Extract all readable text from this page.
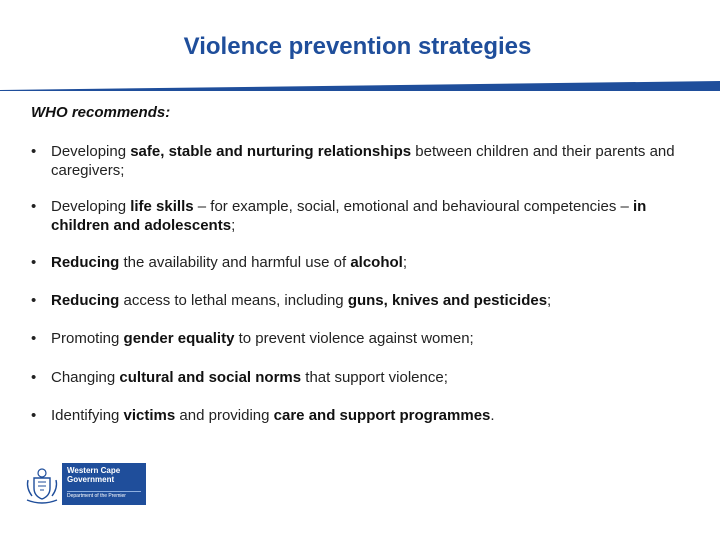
Violence prevention strategies
WHO recommends:
• Developing safe, stable and nurturing relationships between children and their parents and caregivers;
• Developing life skills – for example, social, emotional and behavioural competencies – in children and adolescents;
• Reducing the availability and harmful use of alcohol;
• Reducing access to lethal means, including guns, knives and pesticides;
• Promoting gender equality to prevent violence against women;
• Changing cultural and social norms that support violence;
• Identifying victims and providing care and support programmes.
Western Cape
Government
Department of the Premier
